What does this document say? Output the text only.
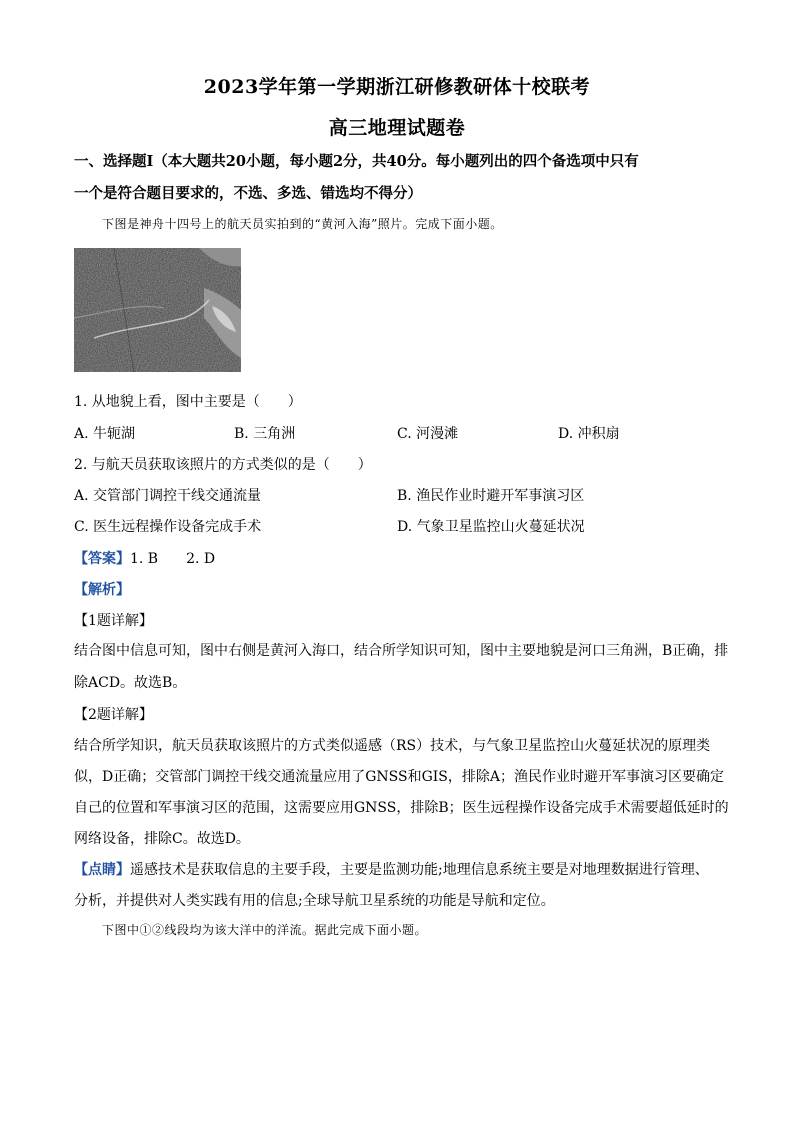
2023学年第一学期浙江研修教研体十校联考
高三地理试题卷
一、选择题Ⅰ（本大题共20小题，每小题2分，共40分。每小题列出的四个备选项中只有
一个是符合题目要求的，不选、多选、错选均不得分）
下图是神舟十四号上的航天员实拍到的“黄河入海”照片。完成下面小题。
1. 从地貌上看，图中主要是（　　）
A. 牛轭湖	B. 三角洲	C. 河漫滩	D. 冲积扇
2. 与航天员获取该照片的方式类似的是（　　）
A. 交管部门调控干线交通流量	B. 渔民作业时避开军事演习区
C. 医生远程操作设备完成手术	D. 气象卫星监控山火蔓延状况
【答案】1. B　　2. D
【解析】
【1题详解】
结合图中信息可知，图中右侧是黄河入海口，结合所学知识可知，图中主要地貌是河口三角洲，B正确，排
除ACD。故选B。
【2题详解】
结合所学知识，航天员获取该照片的方式类似遥感（RS）技术，与气象卫星监控山火蔓延状况的原理类
似，D正确；交管部门调控干线交通流量应用了GNSS和GIS，排除A；渔民作业时避开军事演习区要确定
自己的位置和军事演习区的范围，这需要应用GNSS，排除B；医生远程操作设备完成手术需要超低延时的
网络设备，排除C。故选D。
【点睛】遥感技术是获取信息的主要手段，主要是监测功能;地理信息系统主要是对地理数据进行管理、
分析，并提供对人类实践有用的信息;全球导航卫星系统的功能是导航和定位。
下图中①②线段均为该大洋中的洋流。据此完成下面小题。
